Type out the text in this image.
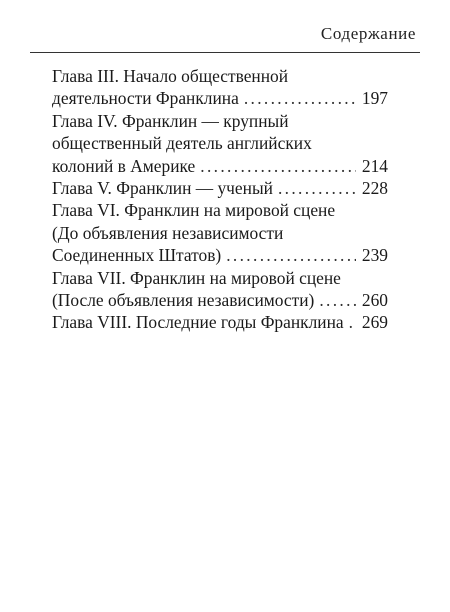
Содержание
Глава III. Начало общественной
деятельности Франклина . . .	197
Глава IV. Франклин — крупный
общественный деятель английских
колоний в Америке . . .	214
Глава V. Франклин — ученый . . .	228
Глава VI. Франклин на мировой сцене
(До объявления независимости
Соединенных Штатов) . . .	239
Глава VII. Франклин на мировой сцене
(После объявления независимости) . . .	260
Глава VIII. Последние годы Франклина . . . 269
